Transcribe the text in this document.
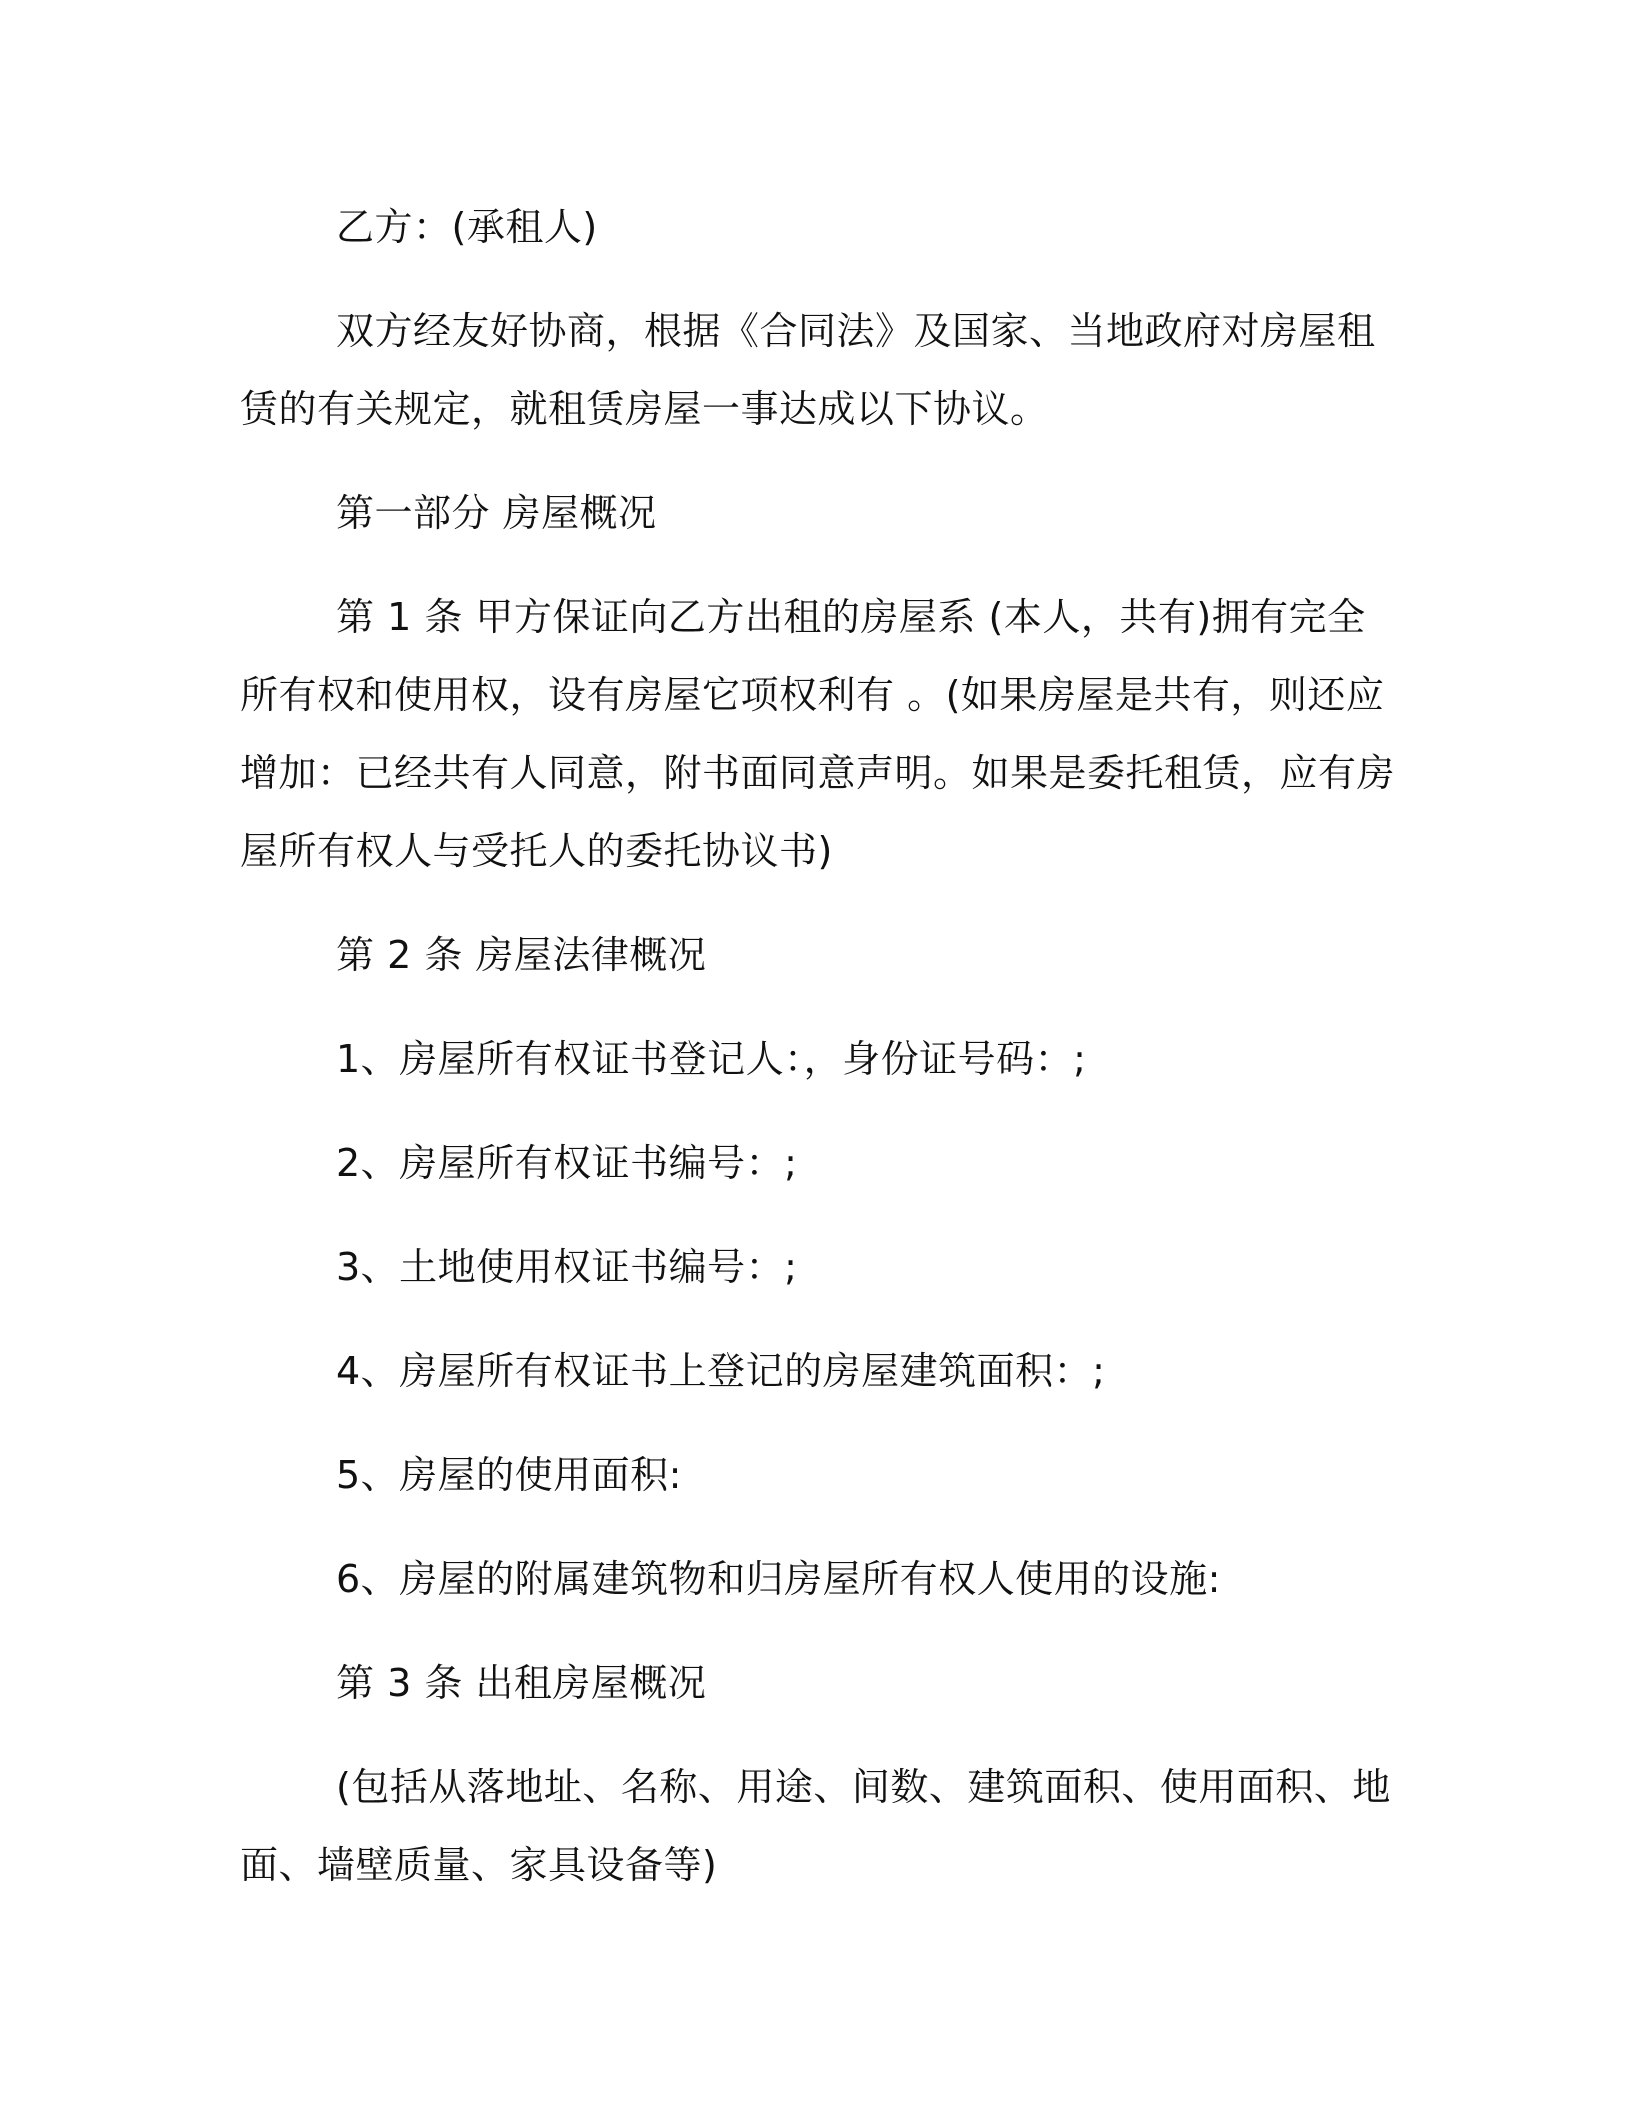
乙方：(承租人)

双方经友好协商，根据《合同法》及国家、当地政府对房屋租赁的有关规定，就租赁房屋一事达成以下协议。

第一部分 房屋概况

第 1 条 甲方保证向乙方出租的房屋系 (本人，共有)拥有完全所有权和使用权，设有房屋它项权利有 。(如果房屋是共有，则还应增加：已经共有人同意，附书面同意声明。如果是委托租赁，应有房屋所有权人与受托人的委托协议书)

第 2 条 房屋法律概况

1、房屋所有权证书登记人：，身份证号码：;

2、房屋所有权证书编号：;

3、土地使用权证书编号：;

4、房屋所有权证书上登记的房屋建筑面积：;

5、房屋的使用面积:

6、房屋的附属建筑物和归房屋所有权人使用的设施:

第 3 条 出租房屋概况

(包括从落地址、名称、用途、间数、建筑面积、使用面积、地面、墙壁质量、家具设备等)
